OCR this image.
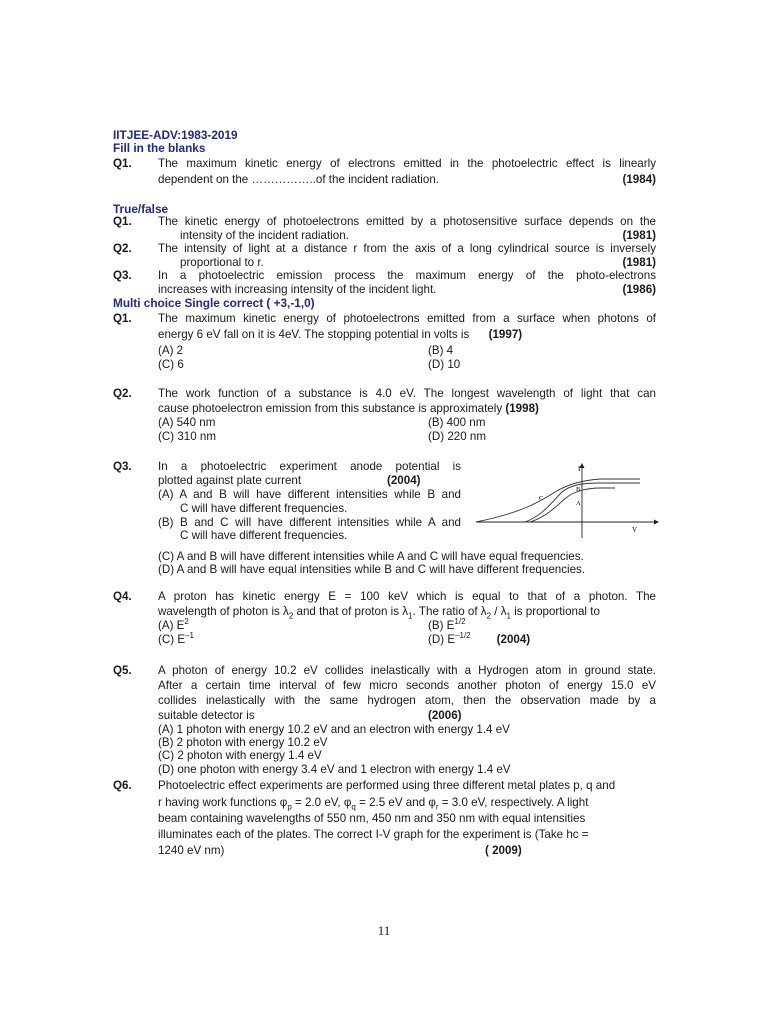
IITJEE-ADV:1983-2019
Fill in the blanks
Q1. The maximum kinetic energy of electrons emitted in the photoelectric effect is linearly
dependent on the ……………..of the incident radiation.	(1984)
True/false
Q1. The kinetic energy of photoelectrons emitted by a photosensitive surface depends on the
intensity of the incident radiation.	(1981)
Q2. The intensity of light at a distance r from the axis of a long cylindrical source is inversely
proportional to r.	(1981)
Q3. In a photoelectric emission process the maximum energy of the photo-electrons
increases with increasing intensity of the incident light.	(1986)
Multi choice Single correct ( +3,-1,0)
Q1. The maximum kinetic energy of photoelectrons emitted from a surface when photons of
energy 6 eV fall on it is 4eV. The stopping potential in volts is (1997)
(A) 2	(B) 4
(C) 6	(D) 10
Q2. The work function of a substance is 4.0 eV. The longest wavelength of light that can
cause photoelectron emission from this substance is approximately (1998)
(A) 540 nm	(B) 400 nm
(C) 310 nm	(D) 220 nm
Q3. In a photoelectric experiment anode potential is
plotted against plate current	(2004)
(A) A and B will have different intensities while B and
C will have different frequencies.
(B) B and C will have different intensities while A and
C will have different frequencies.
(C) A and B will have different intensities while A and C will have equal frequencies.
(D) A and B will have equal intensities while B and C will have different frequencies.
I
V
C
B
A
Q4. A proton has kinetic energy E = 100 keV which is equal to that of a photon. The
wavelength of photon is $\lambda_2$ and that of proton is $\lambda_1$. The ratio of $\lambda_2 / \lambda_1$ is proportional to
(A) $E^2$	(B) $E^{1/2}$
(C) $E^{-1}$	(D) $E^{-1/2}$ (2004)
Q5. A photon of energy 10.2 eV collides inelastically with a Hydrogen atom in ground state.
After a certain time interval of few micro seconds another photon of energy 15.0 eV
collides inelastically with the same hydrogen atom, then the observation made by a
suitable detector is	(2006)
(A) 1 photon with energy 10.2 eV and an electron with energy 1.4 eV
(B) 2 photon with energy 10.2 eV
(C) 2 photon with energy 1.4 eV
(D) one photon with energy 3.4 eV and 1 electron with energy 1.4 eV
Q6. Photoelectric effect experiments are performed using three different metal plates p, q and
r having work functions $\varphi_p = 2.0$ eV, $\varphi_q = 2.5$ eV and $\varphi_r = 3.0$ eV, respectively. A light
beam containing wavelengths of 550 nm, 450 nm and 350 nm with equal intensities
illuminates each of the plates. The correct I-V graph for the experiment is (Take hc =
1240 eV nm)	( 2009)
11
